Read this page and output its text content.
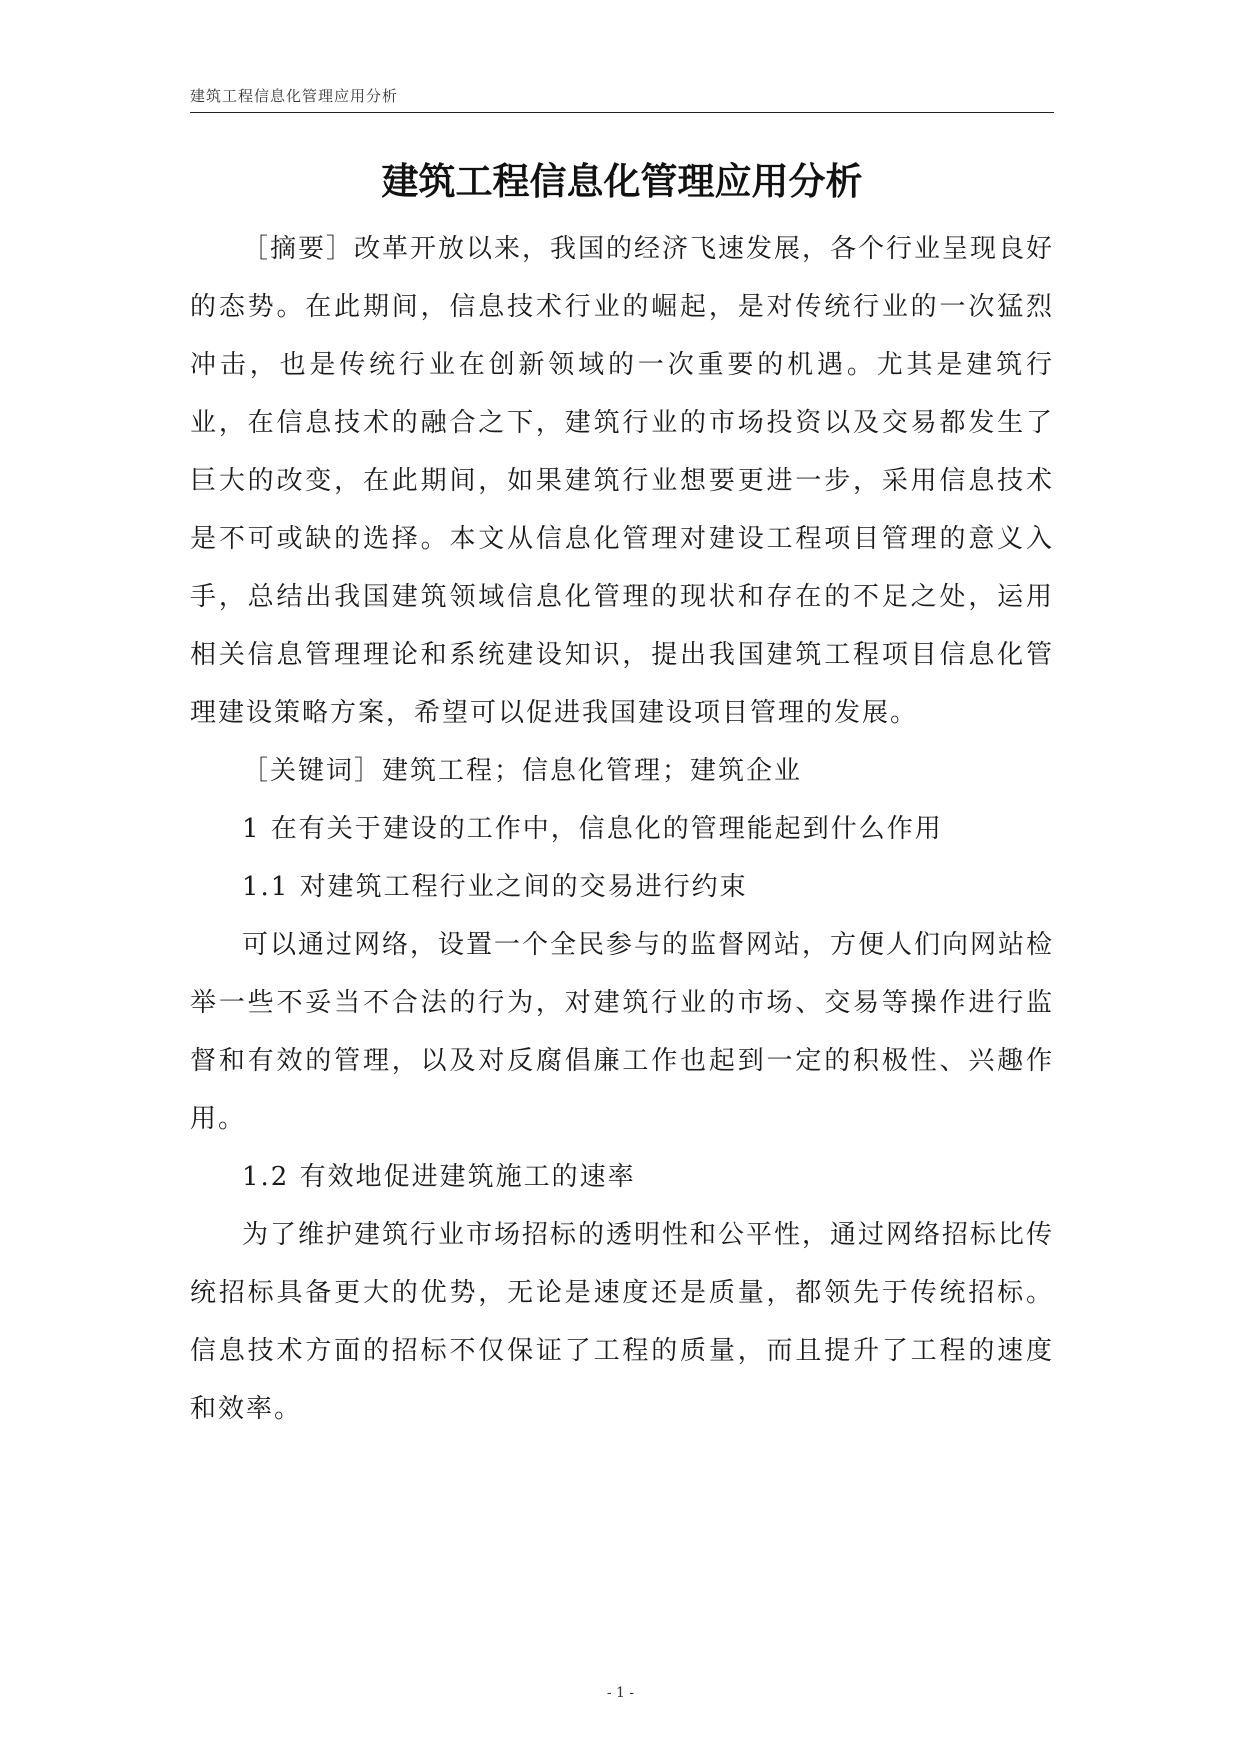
建筑工程信息化管理应用分析
建筑工程信息化管理应用分析

［摘要］改革开放以来，我国的经济飞速发展，各个行业呈现良好的态势。在此期间，信息技术行业的崛起，是对传统行业的一次猛烈冲击，也是传统行业在创新领域的一次重要的机遇。尤其是建筑行业，在信息技术的融合之下，建筑行业的市场投资以及交易都发生了巨大的改变，在此期间，如果建筑行业想要更进一步，采用信息技术是不可或缺的选择。本文从信息化管理对建设工程项目管理的意义入手，总结出我国建筑领域信息化管理的现状和存在的不足之处，运用相关信息管理理论和系统建设知识，提出我国建筑工程项目信息化管理建设策略方案，希望可以促进我国建设项目管理的发展。

［关键词］建筑工程；信息化管理；建筑企业

1 在有关于建设的工作中，信息化的管理能起到什么作用

1.1 对建筑工程行业之间的交易进行约束

可以通过网络，设置一个全民参与的监督网站，方便人们向网站检举一些不妥当不合法的行为，对建筑行业的市场、交易等操作进行监督和有效的管理，以及对反腐倡廉工作也起到一定的积极性、兴趣作用。

1.2 有效地促进建筑施工的速率

为了维护建筑行业市场招标的透明性和公平性，通过网络招标比传统招标具备更大的优势，无论是速度还是质量，都领先于传统招标。信息技术方面的招标不仅保证了工程的质量，而且提升了工程的速度和效率。

- 1 -
